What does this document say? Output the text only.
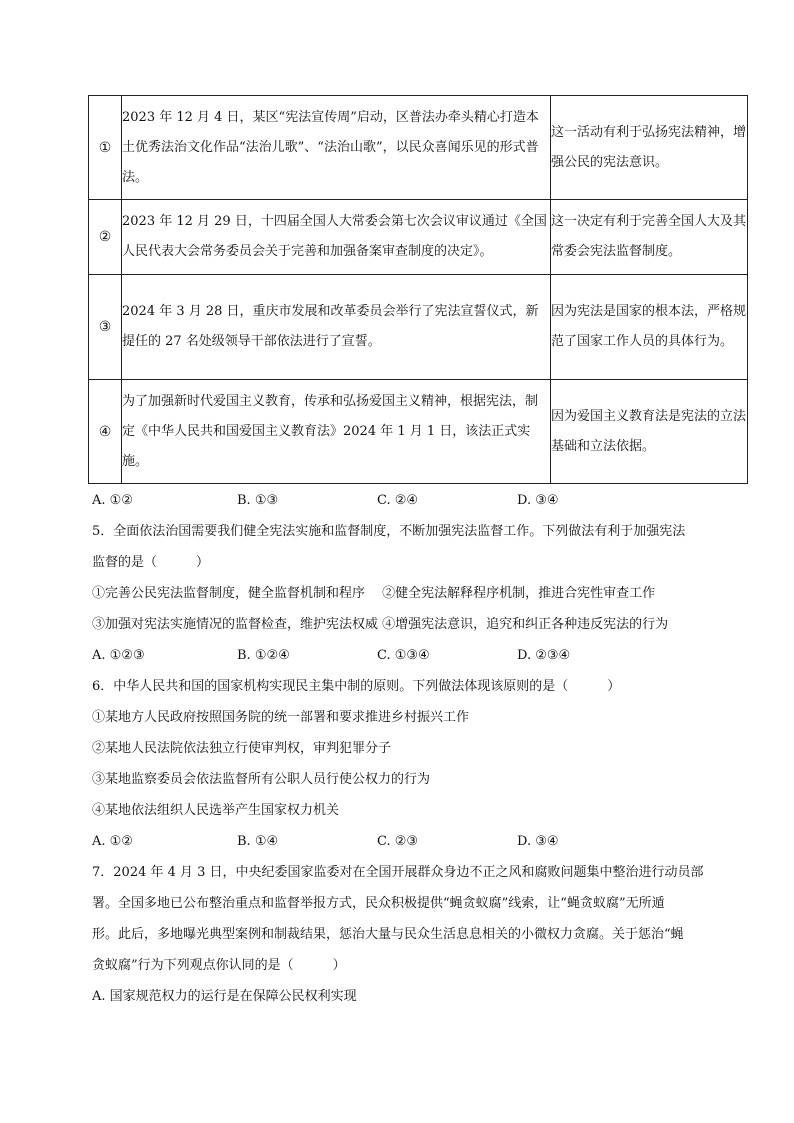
①	2023 年 12 月 4 日，某区“宪法宣传周”启动，区普法办牵头精心打造本土优秀法治文化作品“法治儿歌”、“法治山歌”，以民众喜闻乐见的形式普法。	这一活动有利于弘扬宪法精神，增强公民的宪法意识。
②	2023 年 12 月 29 日，十四届全国人大常委会第七次会议审议通过《全国人民代表大会常务委员会关于完善和加强备案审查制度的决定》。	这一决定有利于完善全国人大及其常委会宪法监督制度。
③	2024 年 3 月 28 日，重庆市发展和改革委员会举行了宪法宣誓仪式，新提任的 27 名处级领导干部依法进行了宣誓。	因为宪法是国家的根本法，严格规范了国家工作人员的具体行为。
④	为了加强新时代爱国主义教育，传承和弘扬爱国主义精神，根据宪法，制定《中华人民共和国爱国主义教育法》2024 年 1 月 1 日，该法正式实施。	因为爱国主义教育法是宪法的立法基础和立法依据。
A. ①②	B. ①③	C. ②④	D. ③④
5．全面依法治国需要我们健全宪法实施和监督制度，不断加强宪法监督工作。下列做法有利于加强宪法
监督的是（　　　）
①完善公民宪法监督制度，健全监督机制和程序　 ②健全宪法解释程序机制，推进合宪性审查工作
③加强对宪法实施情况的监督检查，维护宪法权威 ④增强宪法意识，追究和纠正各种违反宪法的行为
A. ①②③	B. ①②④	C. ①③④	D. ②③④
6．中华人民共和国的国家机构实现民主集中制的原则。下列做法体现该原则的是（　　　）
①某地方人民政府按照国务院的统一部署和要求推进乡村振兴工作
②某地人民法院依法独立行使审判权，审判犯罪分子
③某地监察委员会依法监督所有公职人员行使公权力的行为
④某地依法组织人民选举产生国家权力机关
A. ①②	B. ①④	C. ②③	D. ③④
7．2024 年 4 月 3 日，中央纪委国家监委对在全国开展群众身边不正之风和腐败问题集中整治进行动员部
署。全国多地已公布整治重点和监督举报方式，民众积极提供“蝇贪蚁腐”线索，让“蝇贪蚁腐”无所遁
形。此后，多地曝光典型案例和制裁结果，惩治大量与民众生活息息相关的小微权力贪腐。关于惩治“蝇
贪蚁腐”行为下列观点你认同的是（　　　）
A. 国家规范权力的运行是在保障公民权利实现
